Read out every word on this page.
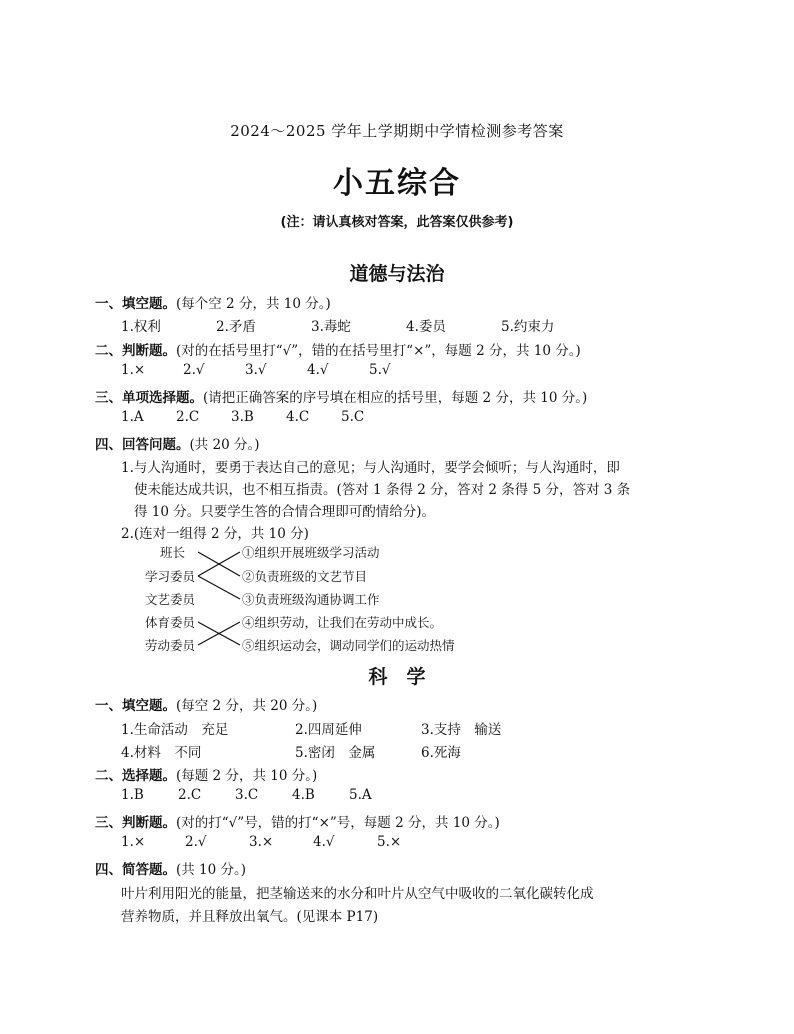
2024～2025 学年上学期期中学情检测参考答案
小五综合
(注：请认真核对答案，此答案仅供参考)
道德与法治
一、填空题。(每个空 2 分，共 10 分。)
1.权利	2.矛盾	3.毒蛇	4.委员	5.约束力
二、判断题。(对的在括号里打“√”，错的在括号里打“×”，每题 2 分，共 10 分。)
1.×	2.√	3.√	4.√	5.√
三、单项选择题。(请把正确答案的序号填在相应的括号里，每题 2 分，共 10 分。)
1.A 2.C 3.B 4.C 5.C
四、回答问题。(共 20 分。)
1.与人沟通时，要勇于表达自己的意见；与人沟通时，要学会倾听；与人沟通时，即
使未能达成共识，也不相互指责。(答对 1 条得 2 分，答对 2 条得 5 分，答对 3 条
得 10 分。只要学生答的合情合理即可酌情给分)。
2.(连对一组得 2 分，共 10 分)
班长
学习委员
文艺委员
体育委员
劳动委员
①组织开展班级学习活动
②负责班级的文艺节目
③负责班级沟通协调工作
④组织劳动，让我们在劳动中成长。
⑤组织运动会，调动同学们的运动热情
科　学
一、填空题。(每空 2 分，共 20 分。)
1.生命活动　充足	2.四周延伸	3.支持　输送
4.材料　不同	5.密闭　金属	6.死海
二、选择题。(每题 2 分，共 10 分。)
1.B	2.C	3.C	4.B	5.A
三、判断题。(对的打“√”号，错的打“×”号，每题 2 分，共 10 分。)
1.×	2.√	3.×	4.√	5.×
四、简答题。(共 10 分。)
叶片利用阳光的能量，把茎输送来的水分和叶片从空气中吸收的二氧化碳转化成
营养物质，并且释放出氧气。(见课本 P17)
